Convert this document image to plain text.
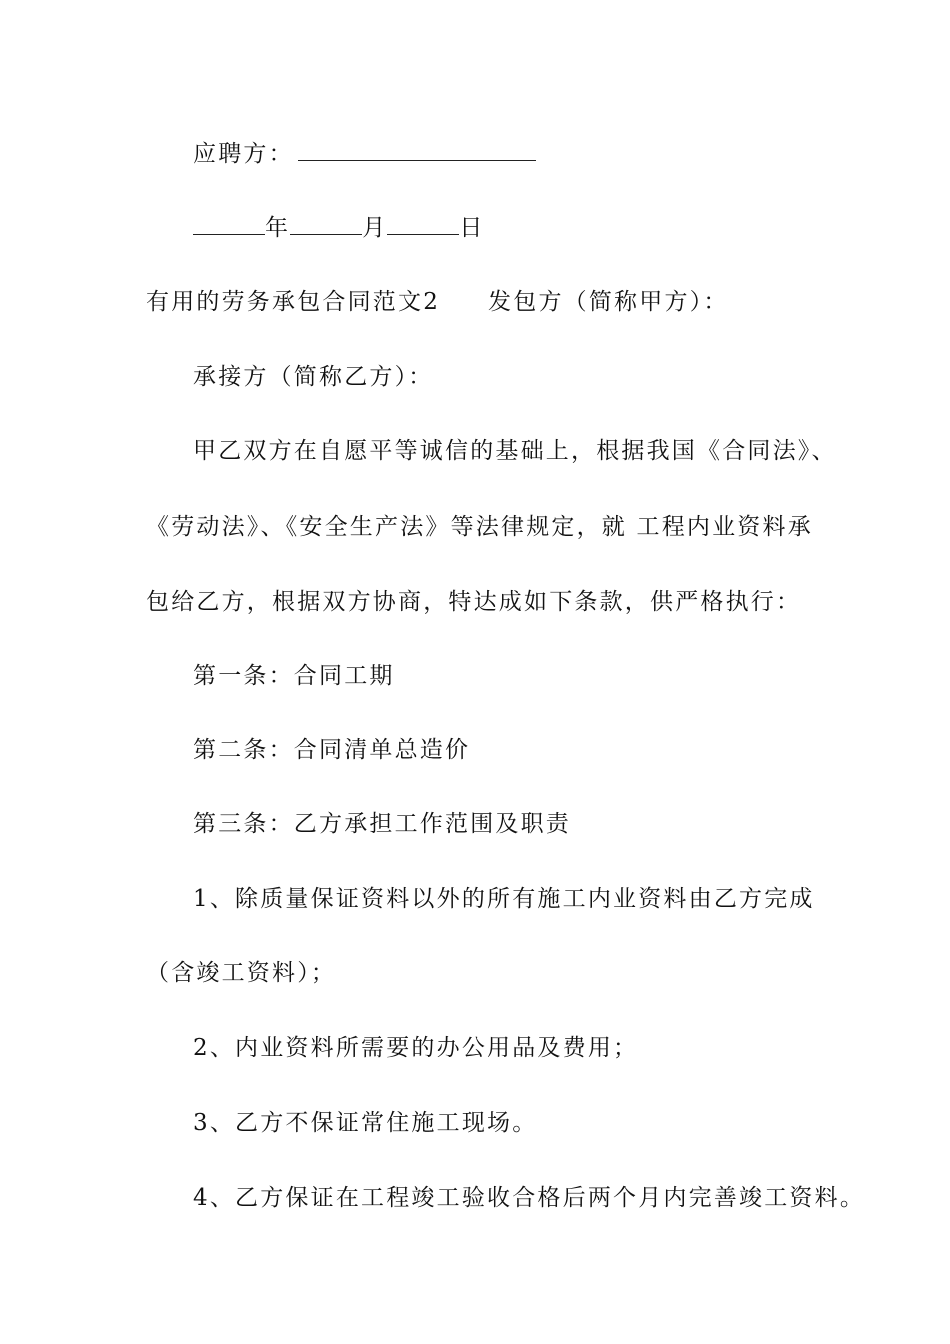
应聘方：
年	月	日
有用的劳务承包合同范文2 发包方（简称甲方）：
承接方（简称乙方）：
甲乙双方在自愿平等诚信的基础上，根据我国《合同法》、
《劳动法》、《安全生产法》等法律规定，就 工程内业资料承
包给乙方，根据双方协商，特达成如下条款，供严格执行：
第一条：合同工期
第二条：合同清单总造价
第三条：乙方承担工作范围及职责
1、除质量保证资料以外的所有施工内业资料由乙方完成
（含竣工资料）；
2、内业资料所需要的办公用品及费用；
3、乙方不保证常住施工现场。
4、乙方保证在工程竣工验收合格后两个月内完善竣工资料。
